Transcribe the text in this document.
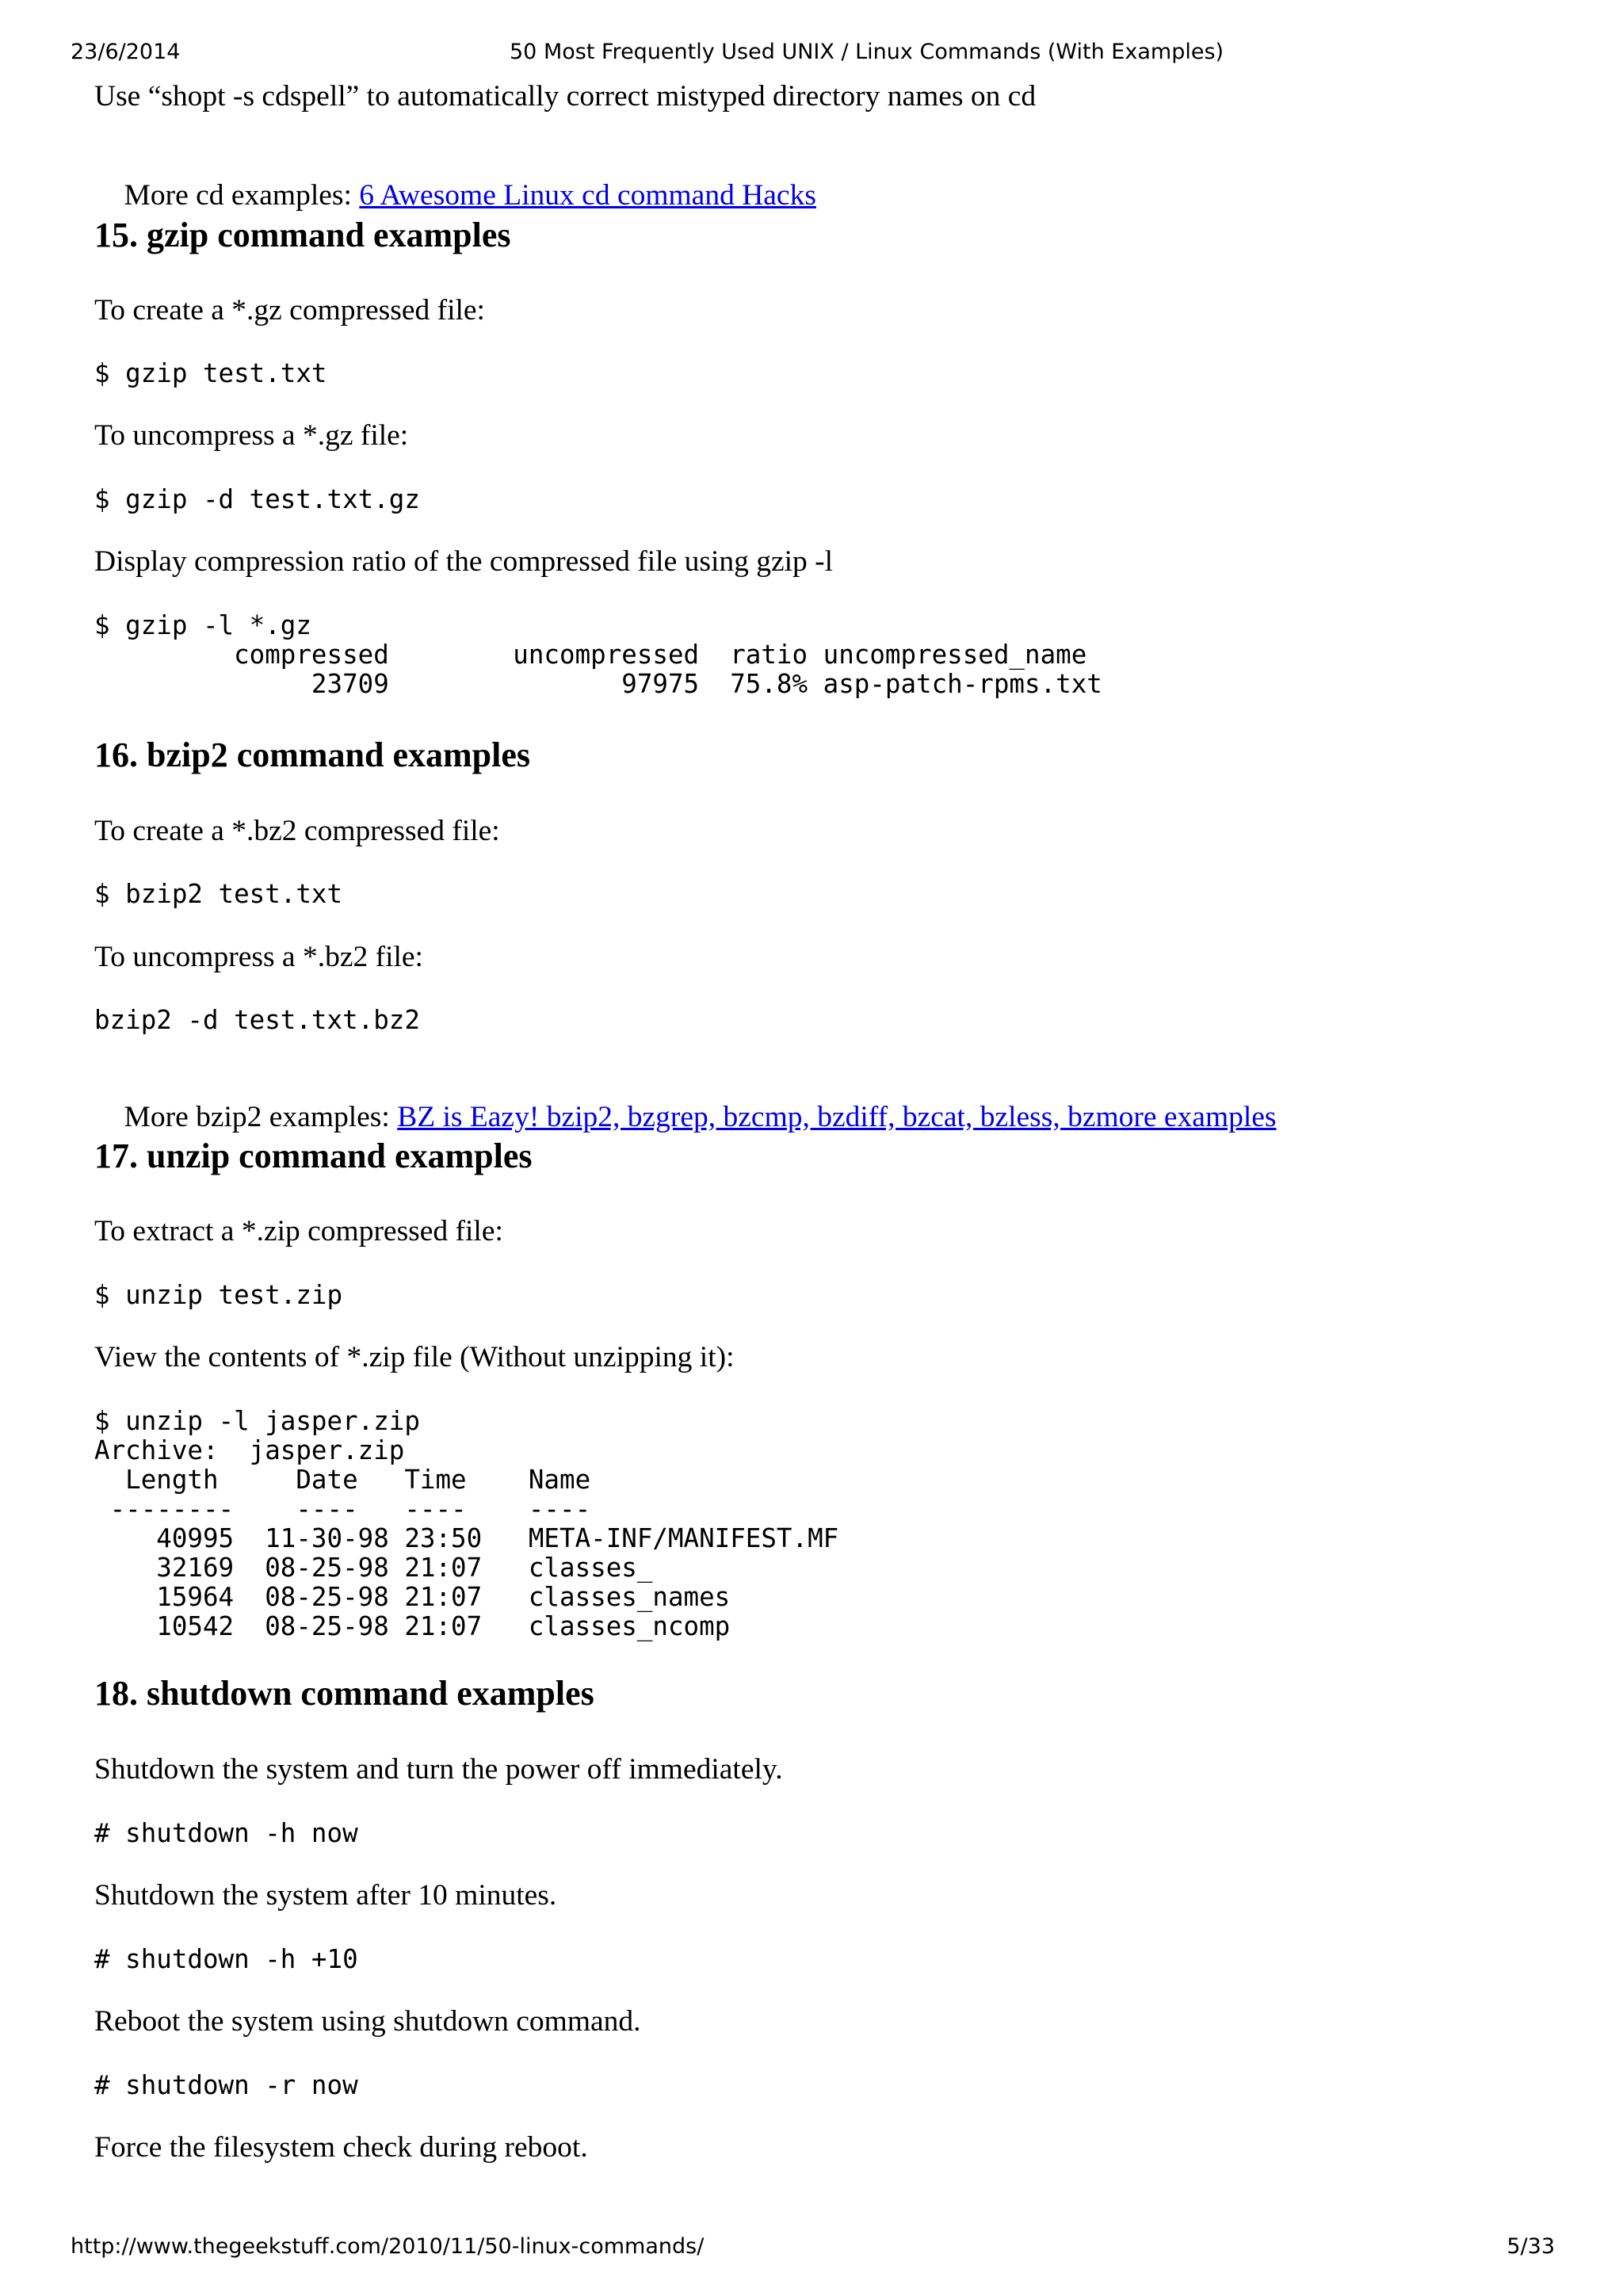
23/6/2014	50 Most Frequently Used UNIX / Linux Commands (With Examples)
Use “shopt -s cdspell” to automatically correct mistyped directory names on cd

More cd examples: 6 Awesome Linux cd command Hacks

15. gzip command examples
To create a *.gz compressed file:
$ gzip test.txt
To uncompress a *.gz file:
$ gzip -d test.txt.gz
Display compression ratio of the compressed file using gzip -l
$ gzip -l *.gz
compressed        uncompressed  ratio uncompressed_name
23709               97975  75.8% asp-patch-rpms.txt
16. bzip2 command examples
To create a *.bz2 compressed file:
$ bzip2 test.txt
To uncompress a *.bz2 file:
bzip2 -d test.txt.bz2

More bzip2 examples: BZ is Eazy! bzip2, bzgrep, bzcmp, bzdiff, bzcat, bzless, bzmore examples

17. unzip command examples
To extract a *.zip compressed file:
$ unzip test.zip
View the contents of *.zip file (Without unzipping it):
$ unzip -l jasper.zip
Archive:  jasper.zip
Length     Date   Time    Name
--------    ----   ----    ----
40995  11-30-98 23:50   META-INF/MANIFEST.MF
32169  08-25-98 21:07   classes_
15964  08-25-98 21:07   classes_names
10542  08-25-98 21:07   classes_ncomp
18. shutdown command examples
Shutdown the system and turn the power off immediately.
# shutdown -h now
Shutdown the system after 10 minutes.
# shutdown -h +10
Reboot the system using shutdown command.
# shutdown -r now
Force the filesystem check during reboot.
http://www.thegeekstuff.com/2010/11/50-linux-commands/	5/33
